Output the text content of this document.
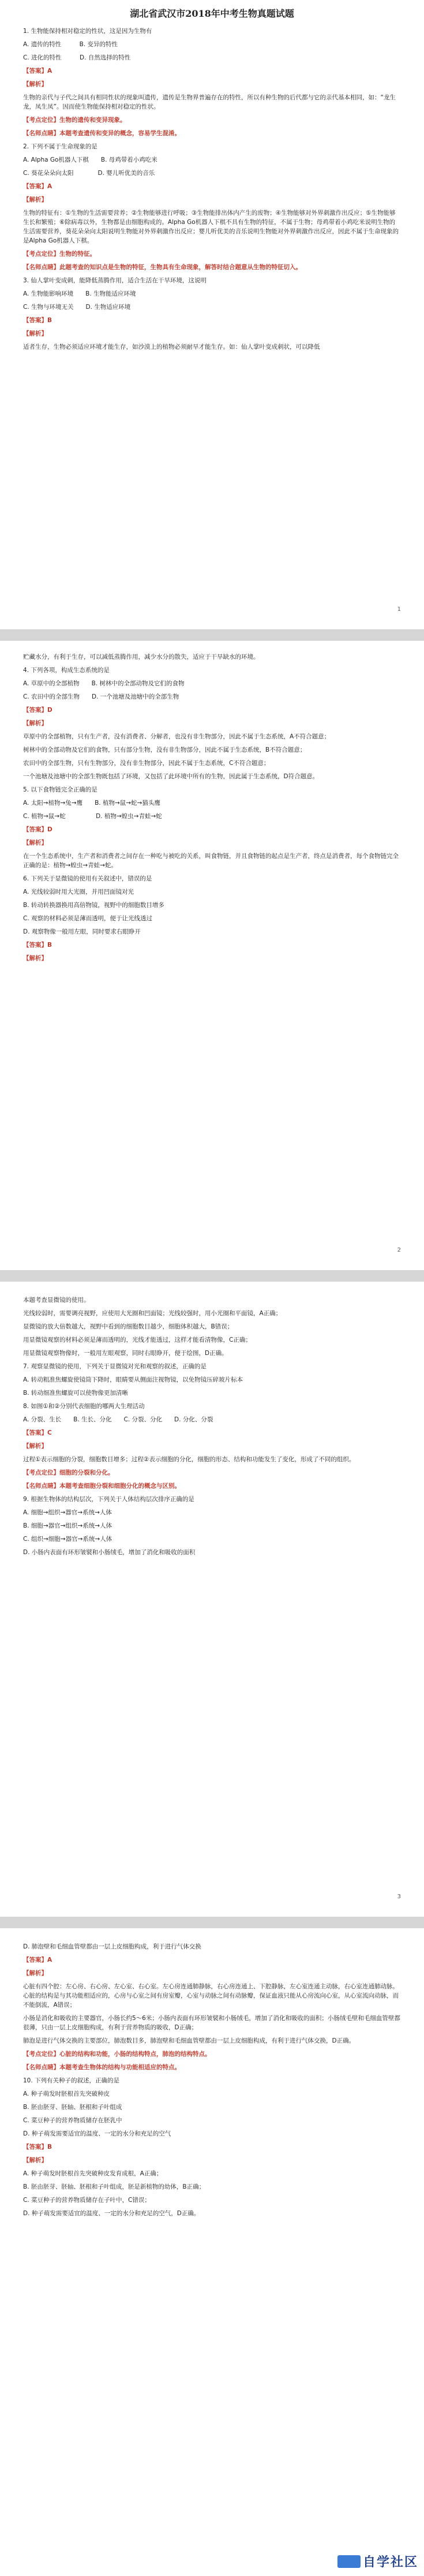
湖北省武汉市2018年中考生物真题试题
1. 生物能保持相对稳定的性状，这是因为生物有
A. 遗传的特性　　　B. 变异的特性
C. 进化的特性　　　D. 自然选择的特性
【答案】A
【解析】
生物的亲代与子代之间具有相同性状的现象叫遗传，遗传是生物界普遍存在的特性，所以有种生物的后代都与它的亲代基本相同，如：“龙生龙，凤生凤”。因而使生物能保持相对稳定的性状。
【考点定位】生物的遗传和变异现象。
【名师点睛】本题考查遗传和变异的概念，容易学生混淆。
2. 下列不属于生命现象的是
A. Alpha Go机器人下棋　　B. 母鸡带着小鸡吃米
C. 葵花朵朵向太阳　　　　D. 婴儿听优美的音乐
【答案】A
【解析】
生物的特征有：①生物的生活需要营养；②生物能够进行呼吸；③生物能排出体内产生的废物；④生物能够对外界刺激作出反应；⑤生物能够生长和繁殖；⑥除病毒以外，生物都是由细胞构成的。Alpha Go机器人下棋不具有生物的特征，不属于生物；母鸡带着小鸡吃米说明生物的生活需要营养，葵花朵朵向太阳说明生物能对外界刺激作出反应；婴儿听优美的音乐说明生物能对外界刺激作出反应，因此不属于生命现象的是Alpha Go机器人下棋。
【考点定位】生物的特征。
【名师点睛】此题考查的知识点是生物的特征，生物具有生命现象，解答时结合题意从生物的特征切入。
3. 仙人掌叶变成刺，能降低蒸腾作用，适合生活在干旱环境，这说明
A. 生物能影响环境　　B. 生物能适应环境
C. 生物与环境无关　　D. 生物适应环境
【答案】B
【解析】
适者生存，生物必须适应环境才能生存，如沙漠上的植物必须耐旱才能生存。如：仙人掌叶变成刺状，可以降低
1
贮藏水分，有利于生存，可以减低蒸腾作用，减少水分的散失，适应于干旱缺水的环境。
4. 下列各项，构成生态系统的是
A. 草原中的全部植物　　B. 树林中的全部动物及它们的食物
C. 农田中的全部生物　　D. 一个池塘及池塘中的全部生物
【答案】D
【解析】
草原中的全部植物，只有生产者，没有消费者、分解者，也没有非生物部分，因此不属于生态系统，A不符合题意；
树林中的全部动物及它们的食物，只有部分生物，没有非生物部分，因此不属于生态系统，B不符合题意；
农田中的全部生物，只有生物部分，没有非生物部分，因此不属于生态系统，C不符合题意；
一个池塘及池塘中的全部生物既包括了环境，又包括了此环境中所有的生物，因此属于生态系统，D符合题意。
5. 以下食物链完全正确的是
A. 太阳→植物→兔→鹰　　B. 植物→鼠→蛇→猫头鹰
C. 植物→鼠→蛇　　　　　D. 植物→蝗虫→青蛙→蛇
【答案】D
【解析】
在一个生态系统中，生产者和消费者之间存在一种吃与被吃的关系，叫食物链，并且食物链的起点是生产者，终点是消费者，每个食物链完全正确的是：植物→蝗虫→青蛙→蛇。
6. 下列关于显微镜的使用有关叙述中，错误的是
A. 光线较弱时用大光圈，并用凹面镜对光
B. 转动转换器换用高倍物镜，视野中的细胞数目增多
C. 观察的材料必须是薄而透明，便于让光线透过
D. 观察物像一般用左眼，同时要求右眼睁开
【答案】B
【解析】
2
本题考查显微镜的使用。
光线较弱时，需要调亮视野，应使用大光圈和凹面镜；光线较强时，用小光圈和平面镜，A正确；
显微镜的放大倍数越大，视野中看到的细胞数目越少，细胞体积越大，B错误；
用显微镜观察的材料必须是薄而透明的，光线才能透过，这样才能看清物像，C正确；
用显微镜观察物像时，一般用左眼观察，同时右眼睁开，便于绘图，D正确。
7. 观察显微镜的使用，下列关于显微镜对光和观察的叙述，正确的是
A. 转动粗准焦螺旋使镜筒下降时，眼睛要从侧面注视物镜，以免物镜压碎玻片标本
B. 转动细准焦螺旋可以使物像更加清晰
8. 如图①和②分别代表细胞的哪两大生理活动
A. 分裂、生长　　B. 生长、分化　　C. 分裂、分化　　D. 分化、分裂
【答案】C
【解析】
过程①表示细胞的分裂，细胞数目增多；过程②表示细胞的分化，细胞的形态、结构和功能发生了变化，形成了不同的组织。
【考点定位】细胞的分裂和分化。
【名师点睛】本题考查细胞分裂和细胞分化的概念与区别。
9. 根据生物体的结构层次，下列关于人体结构层次排序正确的是
A. 细胞→组织→器官→系统→人体
B. 细胞→器官→组织→系统→人体
C. 组织→细胞→器官→系统→人体
D. 小肠内表面有环形皱襞和小肠绒毛，增加了消化和吸收的面积
3
D. 肺泡壁和毛细血管壁都由一层上皮细胞构成，利于进行气体交换
【答案】A
【解析】
心脏有四个腔：左心房、右心房、左心室、右心室。左心房连通肺静脉，右心房连通上、下腔静脉，左心室连通主动脉，右心室连通肺动脉。心脏的结构是与其功能相适应的，心房与心室之间有房室瓣，心室与动脉之间有动脉瓣，保证血液只能从心房流向心室，从心室流向动脉，而不能倒流，A错误；
小肠是消化和吸收的主要器官，小肠长约5～6米；小肠内表面有环形皱襞和小肠绒毛，增加了消化和吸收的面积；小肠绒毛壁和毛细血管壁都很薄，只由一层上皮细胞构成，有利于营养物质的吸收，D正确；
肺泡是进行气体交换的主要部位，肺泡数目多，肺泡壁和毛细血管壁都由一层上皮细胞构成，有利于进行气体交换，D正确。
【考点定位】心脏的结构和功能，小肠的结构特点，肺泡的结构特点。
【名师点睛】本题考查生物体的结构与功能相适应的特点。
10. 下列有关种子的叙述，正确的是
A. 种子萌发时胚根首先突破种皮
B. 胚由胚芽、胚轴、胚根和子叶组成
C. 菜豆种子的营养物质储存在胚乳中
D. 种子萌发需要适宜的温度、一定的水分和充足的空气
【答案】B
【解析】
A. 种子萌发时胚根首先突破种皮发育成根，A正确；
B. 胚由胚芽、胚轴、胚根和子叶组成，胚是新植物的幼体，B正确；
C. 菜豆种子的营养物质储存在子叶中，C错误；
D. 种子萌发需要适宜的温度、一定的水分和充足的空气，D正确。
自学社区
